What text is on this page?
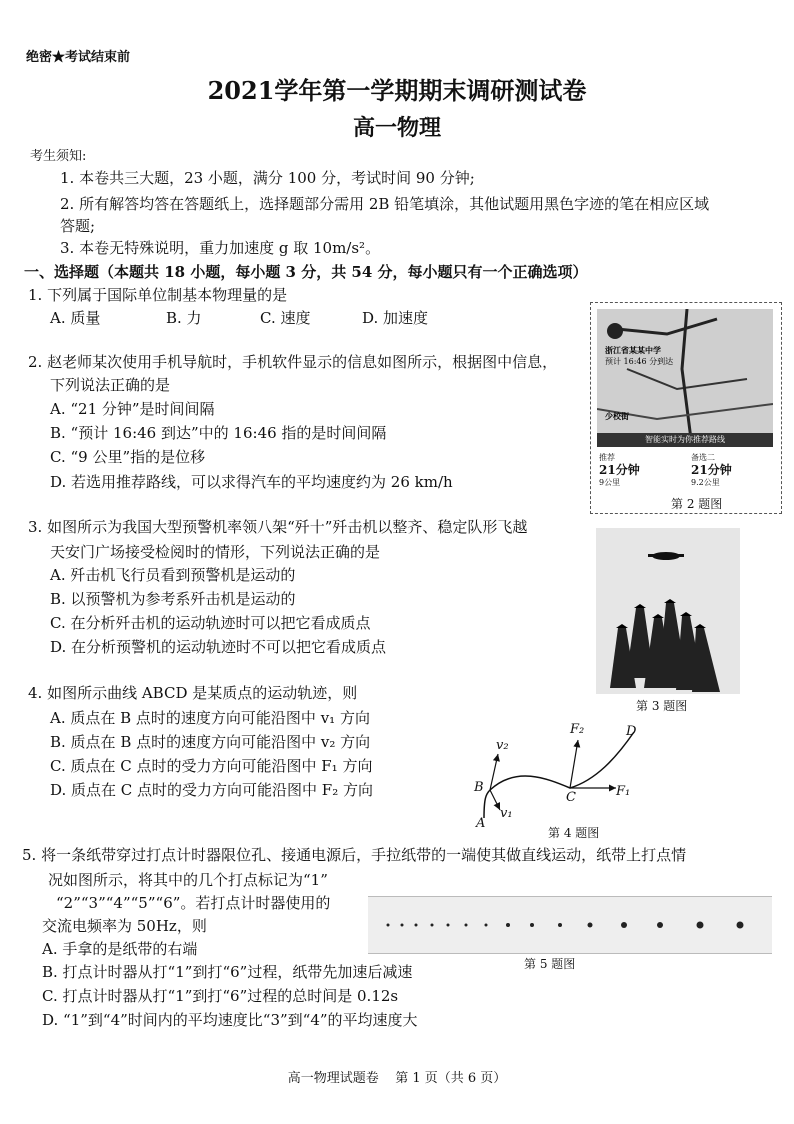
绝密★考试结束前
2021学年第一学期期末调研测试卷
高一物理
考生须知:
1. 本卷共三大题，23 小题，满分 100 分，考试时间 90 分钟;
2. 所有解答均答在答题纸上，选择题部分需用 2B 铅笔填涂，其他试题用黑色字迹的笔在相应区域
答题;
3. 本卷无特殊说明，重力加速度 g 取 10m/s²。
一、选择题（本题共 18 小题，每小题 3 分，共 54 分，每小题只有一个正确选项）
1. 下列属于国际单位制基本物理量的是
A. 质量	B. 力	C. 速度	D. 加速度
浙江省某某中学
预计 16:46 分到达
少校街
智能实时为你推荐路线
推荐
21分钟
9公里
备选二
21分钟
9.2公里
第 2 题图
2. 赵老师某次使用手机导航时，手机软件显示的信息如图所示，根据图中信息，
下列说法正确的是
A. “21 分钟”是时间间隔
B. “预计 16:46 到达”中的 16:46 指的是时间间隔
C. “9 公里”指的是位移
D. 若选用推荐路线，可以求得汽车的平均速度约为 26 km/h
3. 如图所示为我国大型预警机率领八架“歼十”歼击机以整齐、稳定队形飞越
天安门广场接受检阅时的情形，下列说法正确的是
A. 歼击机飞行员看到预警机是运动的
B. 以预警机为参考系歼击机是运动的
C. 在分析歼击机的运动轨迹时可以把它看成质点
D. 在分析预警机的运动轨迹时不可以把它看成质点
第 3 题图
4. 如图所示曲线 ABCD 是某质点的运动轨迹，则
A. 质点在 B 点时的速度方向可能沿图中 v₁ 方向
B. 质点在 B 点时的速度方向可能沿图中 v₂ 方向
C. 质点在 C 点时的受力方向可能沿图中 F₁ 方向
D. 质点在 C 点时的受力方向可能沿图中 F₂ 方向
A
B
C
D
v₂
v₁
F₁
F₂
第 4 题图
5. 将一条纸带穿过打点计时器限位孔、接通电源后，手拉纸带的一端使其做直线运动，纸带上打点情
况如图所示，将其中的几个打点标记为“1”
“2”“3”“4”“5”“6”。若打点计时器使用的
交流电频率为 50Hz，则
A. 手拿的是纸带的右端
B. 打点计时器从打“1”到打“6”过程，纸带先加速后减速
C. 打点计时器从打“1”到打“6”过程的总时间是 0.12s
D. “1”到“4”时间内的平均速度比“3”到“4”的平均速度大
第 5 题图
高一物理试题卷    第 1 页（共 6 页）
